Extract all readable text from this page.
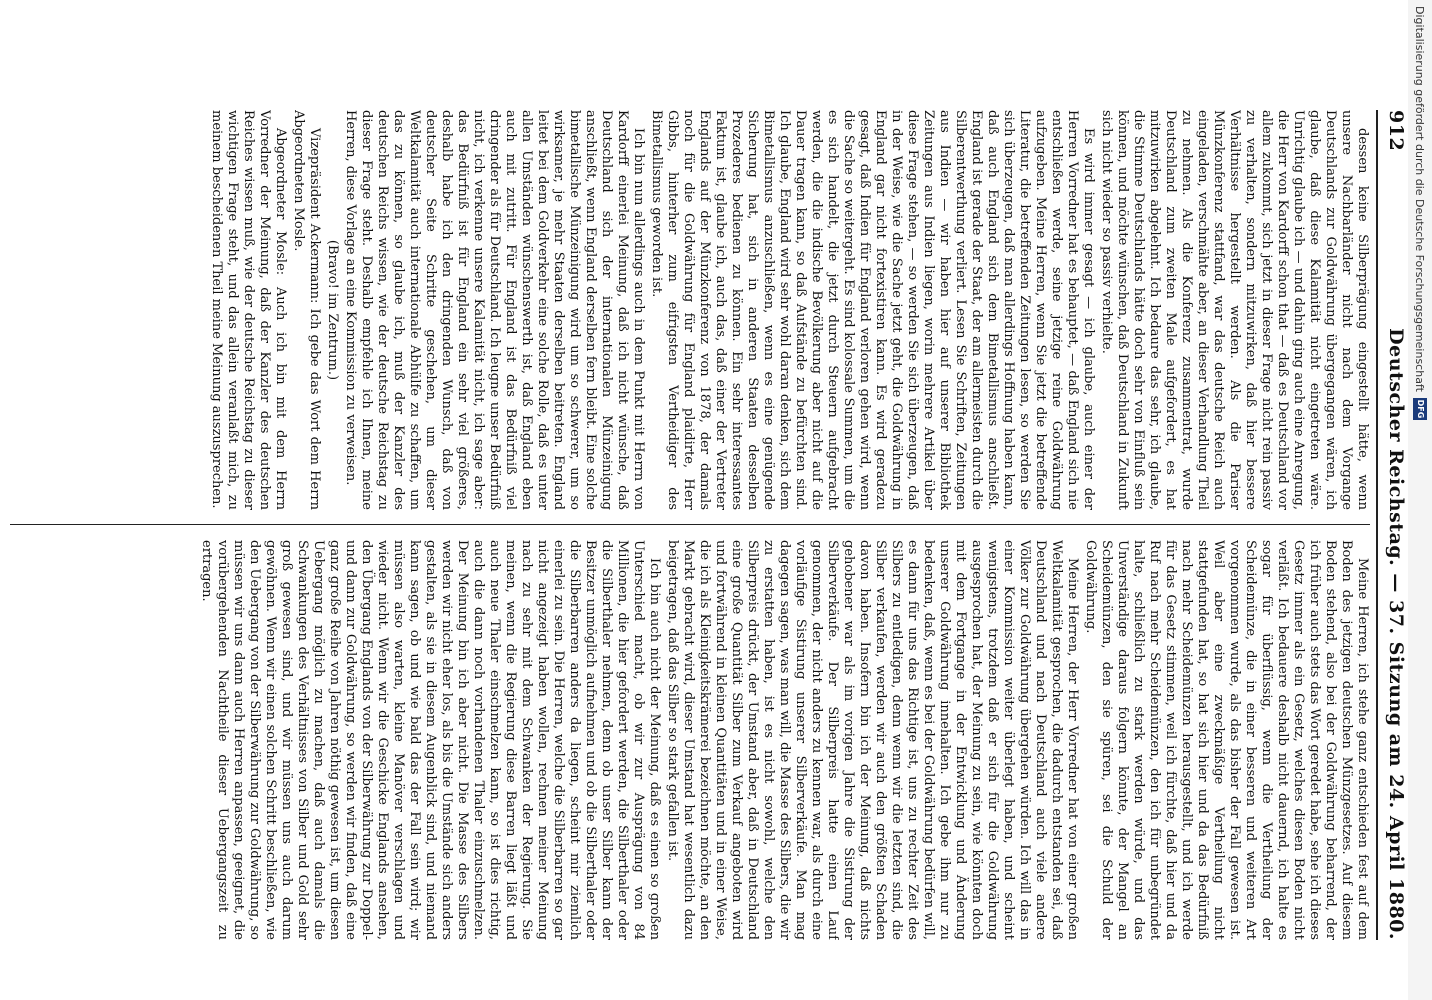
912
Deutscher Reichstag. — 37. Sitzung am 24. April 1880.

dessen keine Silberprägung eingestellt hätte, wenn unsere Nachbarländer nicht nach dem Vorgange Deutschlands zur Goldwährung übergegangen wären, ich glaube, daß diese Kalamität nicht eingetreten wäre. Unrichtig glaube ich — und dahin ging auch eine Anregung, die Herr von Kardorff schon that — daß es Deutschland vor allem zukommt, sich jetzt in dieser Frage nicht rein passiv zu verhalten, sondern mitzuwirken, daß hier bessere Verhältnisse hergestellt werden. Als die Pariser Münzkonferenz stattfand, war das deutsche Reich auch eingeladen, verschmähte aber, an dieser Verhandlung Theil zu nehmen. Als die Konferenz zusammentrat, wurde Deutschland zum zweiten Male aufgefordert, es hat mitzuwirken abgelehnt. Ich bedaure das sehr, ich glaube, die Stimme Deutschlands hätte doch sehr von Einfluß sein können, und möchte wünschen, daß Deutschland in Zukunft sich nicht wieder so passiv verhielte.

Es wird immer gesagt — ich glaube, auch einer der Herren Vorredner hat es behauptet, — daß England sich nie entschließen werde, seine jetzige reine Goldwährung aufzugeben. Meine Herren, wenn Sie jetzt die betreffende Literatur, die betreffenden Zeitungen lesen, so werden Sie sich überzeugen, daß man allerdings Hoffnung haben kann, daß auch England sich dem Bimetallismus anschließt. England ist gerade der Staat, der am allermeisten durch die Silberentwerthung verliert. Lesen Sie Schriften, Zeitungen aus Indien — wir haben hier auf unserer Bibliothek Zeitungen aus Indien liegen, worin mehrere Artikel über diese Frage stehen, — so werden Sie sich überzeugen, daß in der Weise, wie die Sache jetzt geht, die Goldwährung in England gar nicht fortexistiren kann. Es wird geradezu gesagt, daß Indien für England verloren gehen wird, wenn die Sache so weitergeht. Es sind kolossale Summen, um die es sich handelt, die jetzt durch Steuern aufgebracht werden, die die indische Bevölkerung aber nicht auf die Dauer tragen kann, so daß Aufstände zu befürchten sind. Ich glaube, England wird sehr wohl daran denken, sich dem Bimetallismus anzuschließen, wenn es eine genügende Sicherung hat, sich in anderen Staaten desselben Prozederes bedienen zu können. Ein sehr interessantes Faktum ist, glaube ich, auch das, daß einer der Vertreter Englands auf der Münzkonferenz von 1878, der damals noch für die Goldwährung für England plaidirte, Herr Gibbs, hinterher zum eifrigsten Vertheidiger des Bimetallismus geworden ist.

Ich bin nun allerdings auch in dem Punkt mit Herrn von Kardorff einerlei Meinung, daß ich nicht wünsche, daß Deutschland sich der internationalen Münzeinigung anschließt, wenn England derselben fern bleibt. Eine solche bimetallische Münzeinigung wird um so schwerer, um so wirksamer, je mehr Staaten derselben beitreten. England leitet bei dem Goldverkehr eine solche Rolle, daß es unter allen Umständen wünschenswerth ist, daß England eben auch mit zutritt. Für England ist das Bedürfniß viel dringender als für Deutschland. Ich leugne unser Bedürfniß nicht, ich verkenne unsere Kalamität nicht, ich sage aber: das Bedürfniß ist für England ein sehr viel größeres, deshalb habe ich den dringenden Wunsch, daß von deutscher Seite Schritte geschehen, um dieser Weltkalamität auch internationale Abhülfe zu schaffen, um das zu können, so glaube ich, muß der Kanzler des deutschen Reichs wissen, wie der deutsche Reichstag zu dieser Frage steht. Deshalb empfehle ich Ihnen, meine Herren, diese Vorlage an eine Kommission zu verweisen.

(Bravo! im Zentrum.)

Vizepräsident Ackermann: Ich gebe das Wort dem Herrn Abgeordneten Mosle.

Abgeordneter Mosle: Auch ich bin mit dem Herrn Vorredner der Meinung, daß der Kanzler des deutschen Reiches wissen muß, wie der deutsche Reichstag zu dieser wichtigen Frage steht, und das allein veranlaßt mich, zu meinem bescheidenen Theil meine Meinung auszusprechen.

Meine Herren, ich stehe ganz entschieden fest auf dem Boden des jetzigen deutschen Münzgesetzes. Auf diesem Boden stehend, also bei der Goldwährung beharrend, der ich früher auch stets das Wort geredet habe, sehe ich dieses Gesetz immer als ein Gesetz, welches diesen Boden nicht verläßt. Ich bedauere deshalb nicht dauernd, ich halte es sogar für überflüssig, wenn die Vertheilung der Scheidemünze, die in einer besseren und weiteren Art vorgenommen wurde, als das bisher der Fall gewesen ist. Weil aber eine zweckmäßige Vertheilung nicht stattgefunden hat, so hat sich hier und da das Bedürfniß nach mehr Scheidemünzen herausgestellt, und ich werde für das Gesetz stimmen, weil ich fürchte, daß hier und da Ruf nach mehr Scheidemünzen, den ich für unbegründet halte, schließlich zu stark werden würde, und das Unverständige daraus folgern könnte, der Mangel an Scheidemünzen, den sie spüren, sei die Schuld der Goldwährung.

Meine Herren, der Herr Vorredner hat von einer großen Weltkalamität gesprochen, die dadurch entstanden sei, daß Deutschland und nach Deutschland auch viele andere Völker zur Goldwährung übergehen würden. Ich will das in einer Kommission weiter überlegt haben, und scheint wenigstens, trotzdem daß er sich für die Goldwährung ausgesprochen hat, der Meinung zu sein, wie könnten doch mit dem Fortgange in der Entwicklung und Änderung unserer Goldwährung innehalten. Ich gebe ihm nur zu bedenken, daß, wenn es bei der Goldwährung bedürfen will, es dann für uns das Richtige ist, uns zu rechter Zeit des Silbers zu entledigen, denn wenn wir die letzten sind, die Silber verkaufen, werden wir auch den größten Schaden davon haben. Insofern bin ich der Meinung, daß nichts gehobener war als im vorigen Jahre die Sistirung der Silberverkäufe. Der Silberpreis hatte einen Lauf genommen, der nicht anders zu kennen war, als durch eine vorläufige Sistirung unserer Silberverkäufe. Man mag dagegen sagen, was man will, die Masse des Silbers, die wir zu erstatten haben, ist es nicht sowohl, welche den Silberpreis drückt, der Umstand aber, daß in Deutschland eine große Quantität Silber zum Verkauf angeboten wird und fortwährend in kleinen Quantitäten und in einer Weise, die ich als Kleinigkeitskrämerei bezeichnen möchte, an den Markt gebracht wird, dieser Umstand hat wesentlich dazu beigetragen, daß das Silber so stark gefallen ist.

Ich bin auch nicht der Meinung, daß es einen so großen Unterschied macht, ob wir zur Ausprägung von 84 Millionen, die hier gefordert werden, die Silberthaler oder die Silberthaler nehmen, denn ob unser Silber kann der Besitzer unmöglich aufnehmen und ob die Silberthaler oder die Silberbarren anders da liegen, scheint mir ziemlich einerlei zu sein. Die Herren, welche die Silberbarren so gar nicht angezeigt haben wollen, rechnen meiner Meinung nach zu sehr mit dem Schwanken der Regierung. Sie meinen, wenn die Regierung diese Barren liegt läßt und auch neue Thaler einschmelzen kann, so ist dies richtig, auch die dann noch vorhandenen Thaler einzuschmelzen. Der Meinung bin ich aber nicht. Die Masse des Silbers werden wir nicht eher los, als bis die Umstände sich anders gestalten, als sie in diesem Augenblick sind, und niemand kann sagen, ob und wie bald das der Fall sein wird; wir müssen also warten, kleine Manöver verschlagen und wieder nicht. Wenn wir die Geschicke Englands ansehen, den Übergang Englands von der Silberwährung zur Doppel- und dann zur Goldwährung, so werden wir finden, daß eine ganz große Reihe von Jahren nöthig gewesen ist, um diesen Uebergang möglich zu machen, daß auch damals die Schwankungen des Verhältnisses von Silber und Gold sehr groß gewesen sind, und wir müssen uns auch darum gewöhnen. Wenn wir einen solchen Schritt beschließen, wie den Uebergang von der Silberwährung zur Goldwährung, so müssen wir uns dann auch Herren anpassen, geeignet, die vorübergehenden Nachtheile dieser Uebergangszeit zu ertragen.

Digitalisierung gefördert durch die Deutsche Forschungsgemeinschaft
DFG
